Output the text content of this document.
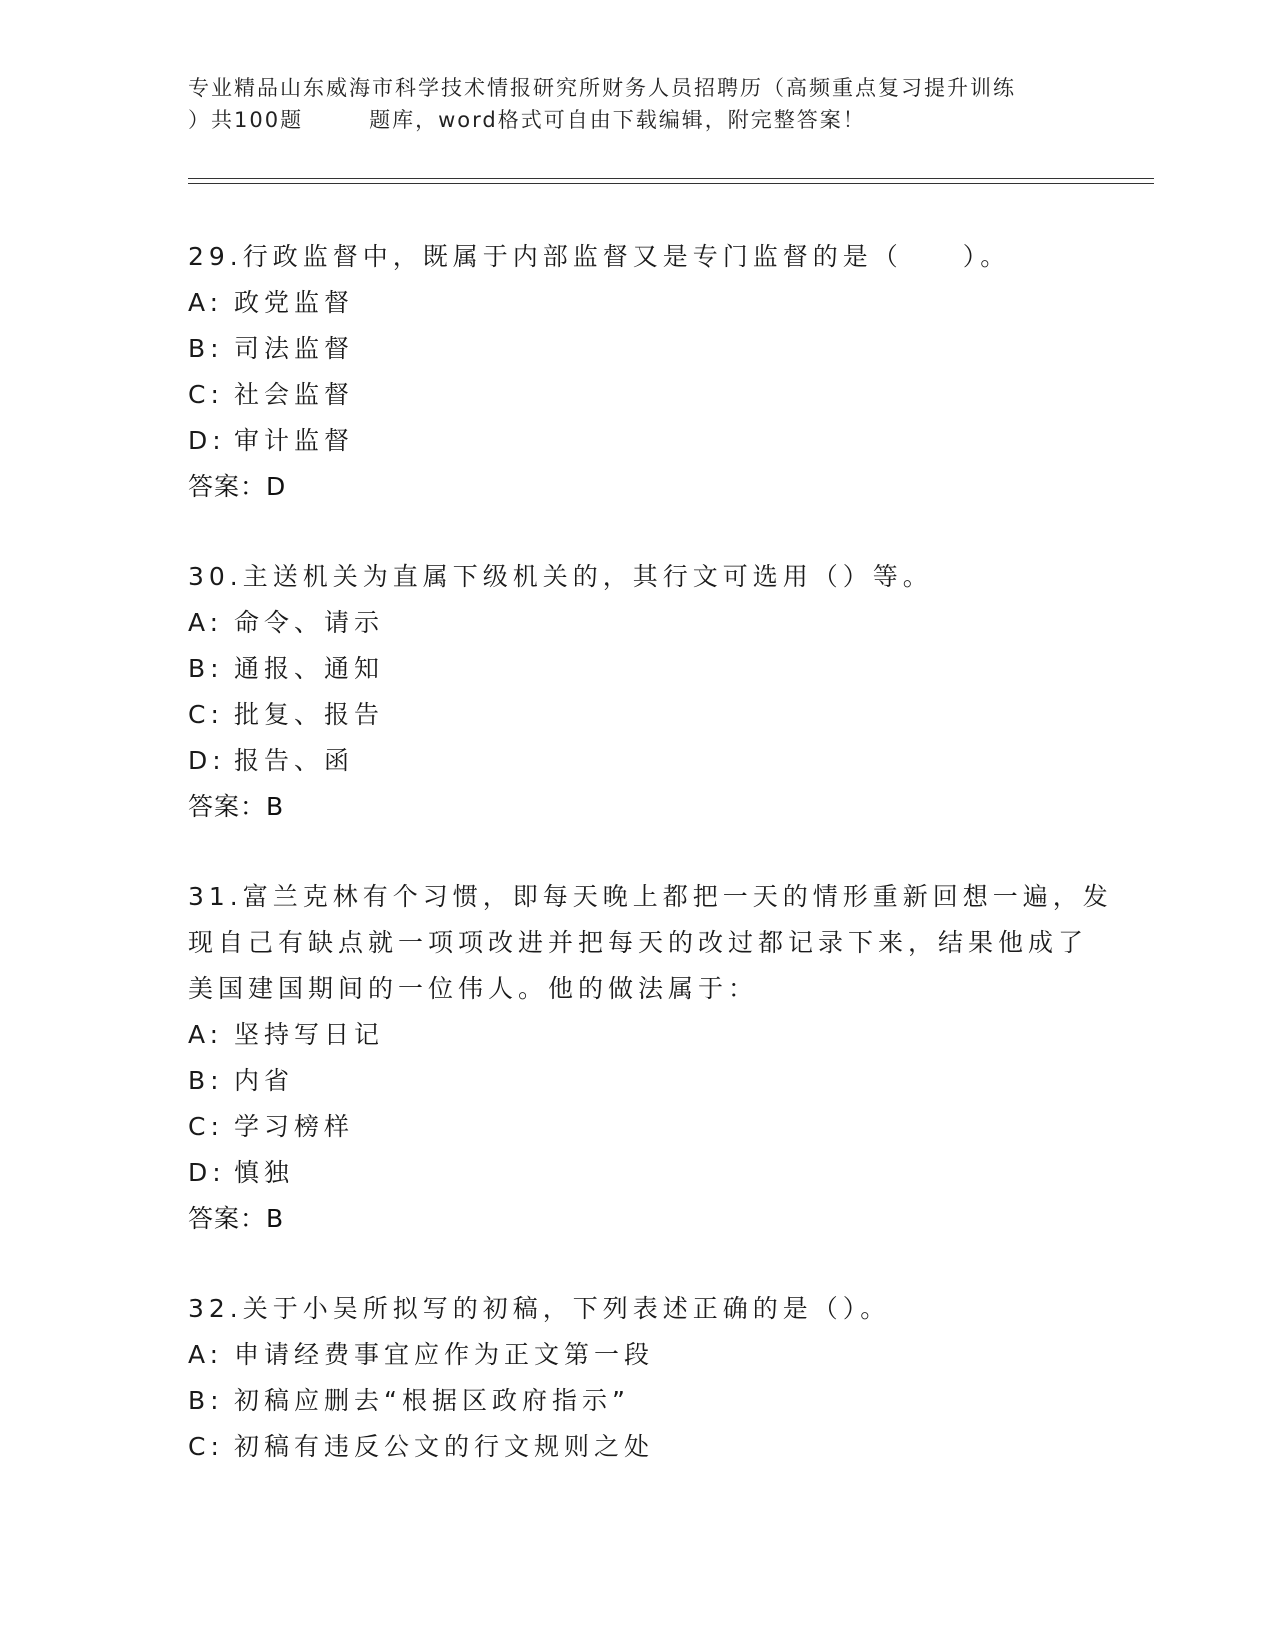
专业精品山东威海市科学技术情报研究所财务人员招聘历（高频重点复习提升训练
）共100题	题库，word格式可自由下载编辑，附完整答案！
29.行政监督中，既属于内部监督又是专门监督的是（　　）。
A: 政党监督
B: 司法监督
C: 社会监督
D: 审计监督
答案：D
30.主送机关为直属下级机关的，其行文可选用（）等。
A: 命令、请示
B: 通报、通知
C: 批复、报告
D: 报告、函
答案：B
31.富兰克林有个习惯，即每天晚上都把一天的情形重新回想一遍，发
现自己有缺点就一项项改进并把每天的改过都记录下来，结果他成了
美国建国期间的一位伟人。他的做法属于：
A: 坚持写日记
B: 内省
C: 学习榜样
D: 慎独
答案：B
32.关于小吴所拟写的初稿，下列表述正确的是（）。
A: 申请经费事宜应作为正文第一段
B: 初稿应删去“根据区政府指示”
C: 初稿有违反公文的行文规则之处
